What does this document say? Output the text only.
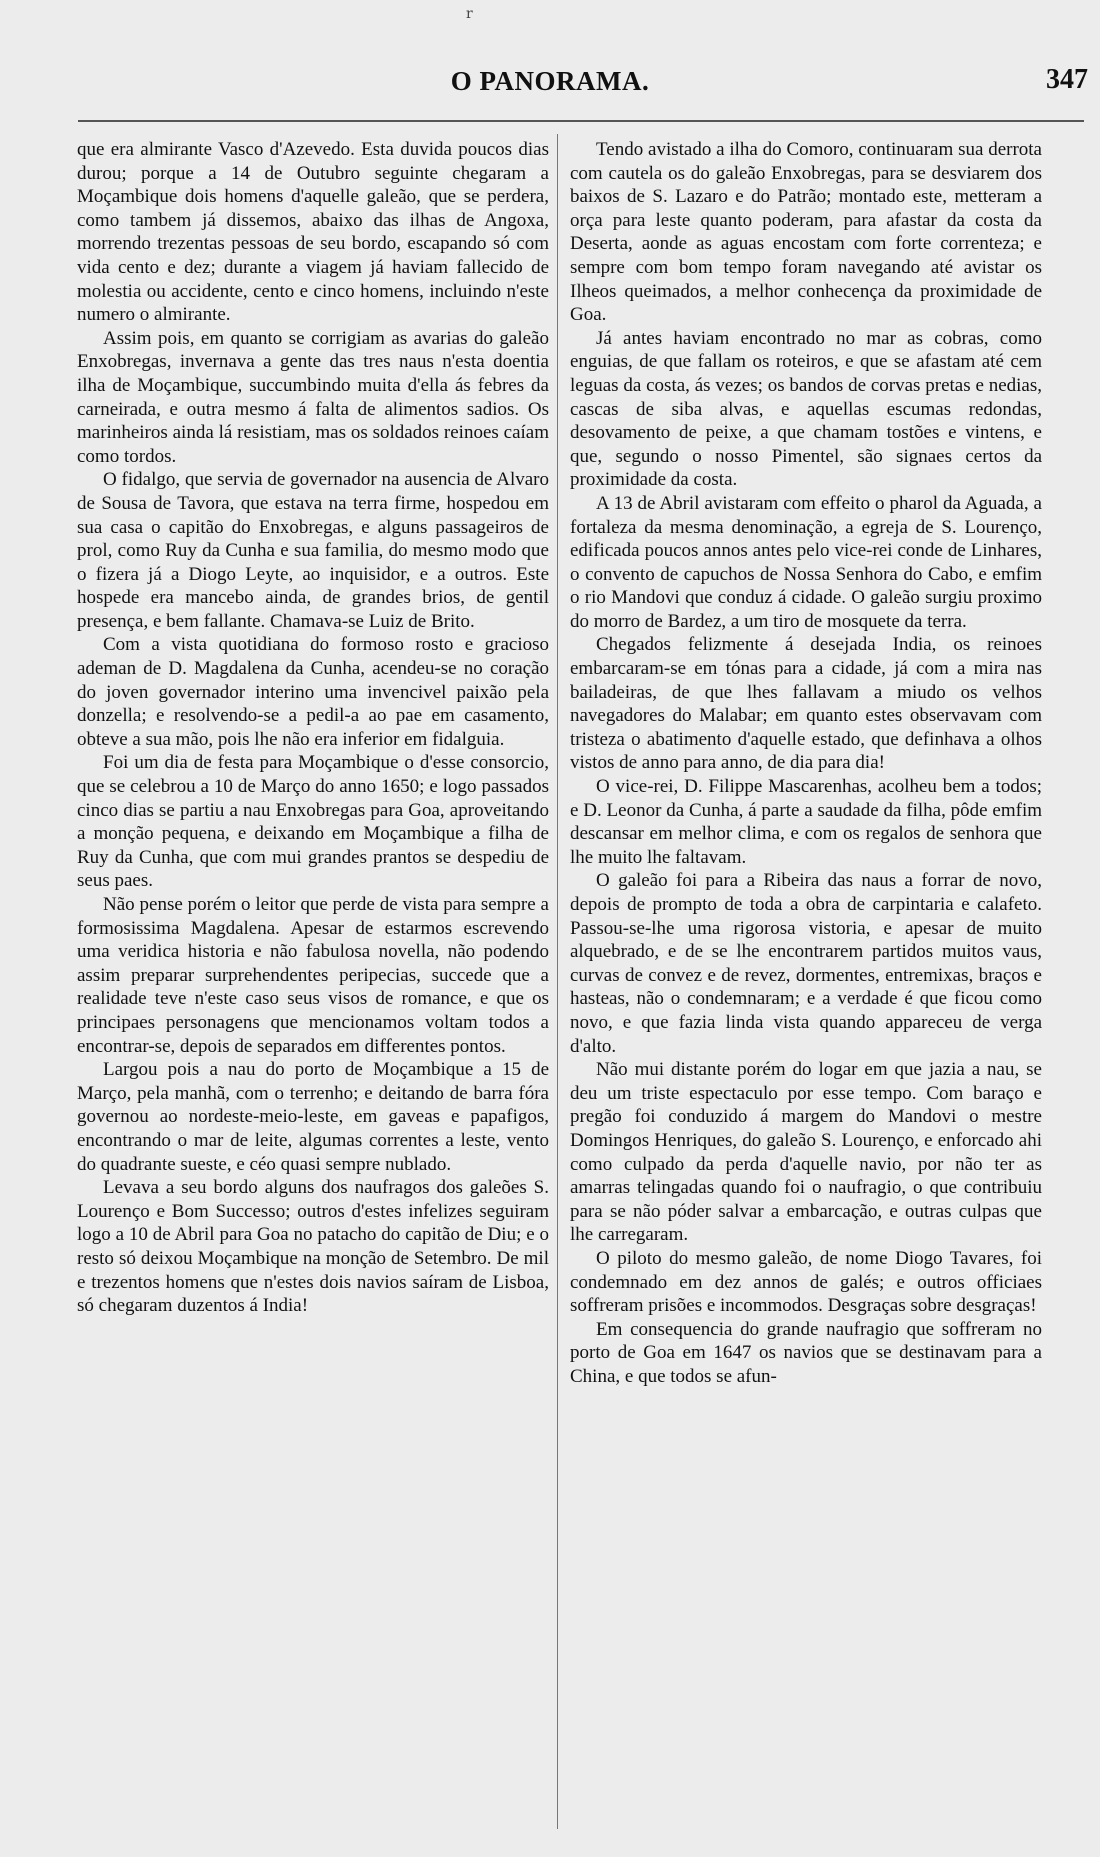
r
O PANORAMA.	347

que era almirante Vasco d'Azevedo. Esta duvida poucos dias durou; porque a 14 de Outubro seguinte chegaram a Moçambique dois homens d'aquelle galeão, que se perdera, como tambem já dissemos, abaixo das ilhas de Angoxa, morrendo trezentas pessoas de seu bordo, escapando só com vida cento e dez; durante a viagem já haviam fallecido de molestia ou accidente, cento e cinco homens, incluindo n'este numero o almirante.

Assim pois, em quanto se corrigiam as avarias do galeão Enxobregas, invernava a gente das tres naus n'esta doentia ilha de Moçambique, succumbindo muita d'ella ás febres da carneirada, e outra mesmo á falta de alimentos sadios. Os marinheiros ainda lá resistiam, mas os soldados reinoes caíam como tordos.

O fidalgo, que servia de governador na ausencia de Alvaro de Sousa de Tavora, que estava na terra firme, hospedou em sua casa o capitão do Enxobregas, e alguns passageiros de prol, como Ruy da Cunha e sua familia, do mesmo modo que o fizera já a Diogo Leyte, ao inquisidor, e a outros. Este hospede era mancebo ainda, de grandes brios, de gentil presença, e bem fallante. Chamava-se Luiz de Brito.

Com a vista quotidiana do formoso rosto e gracioso ademan de D. Magdalena da Cunha, acendeu-se no coração do joven governador interino uma invencivel paixão pela donzella; e resolvendo-se a pedil-a ao pae em casamento, obteve a sua mão, pois lhe não era inferior em fidalguia.

Foi um dia de festa para Moçambique o d'esse consorcio, que se celebrou a 10 de Março do anno 1650; e logo passados cinco dias se partiu a nau Enxobregas para Goa, aproveitando a monção pequena, e deixando em Moçambique a filha de Ruy da Cunha, que com mui grandes prantos se despediu de seus paes.

Não pense porém o leitor que perde de vista para sempre a formosissima Magdalena. Apesar de estarmos escrevendo uma veridica historia e não fabulosa novella, não podendo assim preparar surprehendentes peripecias, succede que a realidade teve n'este caso seus visos de romance, e que os principaes personagens que mencionamos voltam todos a encontrar-se, depois de separados em differentes pontos.

Largou pois a nau do porto de Moçambique a 15 de Março, pela manhã, com o terrenho; e deitando de barra fóra governou ao nordeste-meio-leste, em gaveas e papafigos, encontrando o mar de leite, algumas correntes a leste, vento do quadrante sueste, e céo quasi sempre nublado.

Levava a seu bordo alguns dos naufragos dos galeões S. Lourenço e Bom Successo; outros d'estes infelizes seguiram logo a 10 de Abril para Goa no patacho do capitão de Diu; e o resto só deixou Moçambique na monção de Setembro. De mil e trezentos homens que n'estes dois navios saíram de Lisboa, só chegaram duzentos á India!

Tendo avistado a ilha do Comoro, continuaram sua derrota com cautela os do galeão Enxobregas, para se desviarem dos baixos de S. Lazaro e do Patrão; montado este, metteram a orça para leste quanto poderam, para afastar da costa da Deserta, aonde as aguas encostam com forte correnteza; e sempre com bom tempo foram navegando até avistar os Ilheos queimados, a melhor conhecença da proximidade de Goa.

Já antes haviam encontrado no mar as cobras, como enguias, de que fallam os roteiros, e que se afastam até cem leguas da costa, ás vezes; os bandos de corvas pretas e nedias, cascas de siba alvas, e aquellas escumas redondas, desovamento de peixe, a que chamam tostões e vintens, e que, segundo o nosso Pimentel, são signaes certos da proximidade da costa.

A 13 de Abril avistaram com effeito o pharol da Aguada, a fortaleza da mesma denominação, a egreja de S. Lourenço, edificada poucos annos antes pelo vice-rei conde de Linhares, o convento de capuchos de Nossa Senhora do Cabo, e emfim o rio Mandovi que conduz á cidade. O galeão surgiu proximo do morro de Bardez, a um tiro de mosquete da terra.

Chegados felizmente á desejada India, os reinoes embarcaram-se em tónas para a cidade, já com a mira nas bailadeiras, de que lhes fallavam a miudo os velhos navegadores do Malabar; em quanto estes observavam com tristeza o abatimento d'aquelle estado, que definhava a olhos vistos de anno para anno, de dia para dia!

O vice-rei, D. Filippe Mascarenhas, acolheu bem a todos; e D. Leonor da Cunha, á parte a saudade da filha, pôde emfim descansar em melhor clima, e com os regalos de senhora que lhe muito lhe faltavam.

O galeão foi para a Ribeira das naus a forrar de novo, depois de prompto de toda a obra de carpintaria e calafeto. Passou-se-lhe uma rigorosa vistoria, e apesar de muito alquebrado, e de se lhe encontrarem partidos muitos vaus, curvas de convez e de revez, dormentes, entremixas, braços e hasteas, não o condemnaram; e a verdade é que ficou como novo, e que fazia linda vista quando appareceu de verga d'alto.

Não mui distante porém do logar em que jazia a nau, se deu um triste espectaculo por esse tempo. Com baraço e pregão foi conduzido á margem do Mandovi o mestre Domingos Henriques, do galeão S. Lourenço, e enforcado ahi como culpado da perda d'aquelle navio, por não ter as amarras telingadas quando foi o naufragio, o que contribuiu para se não póder salvar a embarcação, e outras culpas que lhe carregaram.

O piloto do mesmo galeão, de nome Diogo Tavares, foi condemnado em dez annos de galés; e outros officiaes soffreram prisões e incommodos. Desgraças sobre desgraças!

Em consequencia do grande naufragio que soffreram no porto de Goa em 1647 os navios que se destinavam para a China, e que todos se afun-
